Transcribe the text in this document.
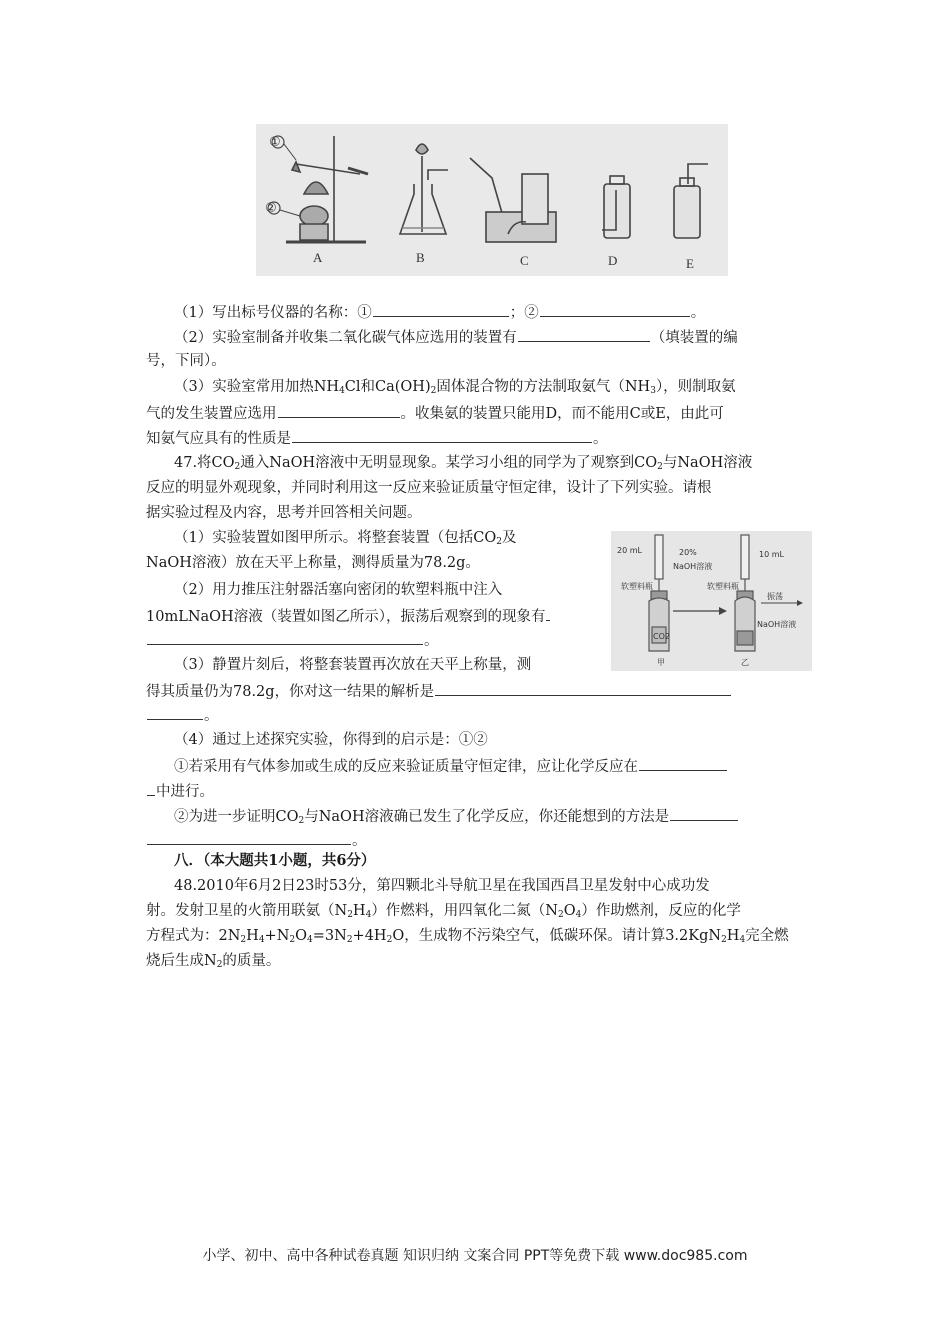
①
②
A	B	C	D	E
（1）写出标号仪器的名称：①	；②	。
（2）实验室制备并收集二氧化碳气体应选用的装置有	（填装置的编
号，下同）。
（3）实验室常用加热$NH_4Cl$和$Ca(OH)_2$固体混合物的方法制取氨气$(NH_3)$，则制取氨
气的发生装置应选用	。收集氨的装置只能用D，而不能用C或E，由此可
知氨气应具有的性质是	。
47.将$CO_2$通入NaOH溶液中无明显现象。某学习小组的同学为了观察到$CO_2$与NaOH溶液
反应的明显外观现象，并同时利用这一反应来验证质量守恒定律，设计了下列实验。请根
据实验过程及内容，思考并回答相关问题。
（1）实验装置如图甲所示。将整套装置（包括$CO_2$及
NaOH溶液）放在天平上称量，测得质量为78.2g。
（2）用力推压注射器活塞向密闭的软塑料瓶中注入
10mLNaOH溶液（装置如图乙所示），振荡后观察到的现象有
。
（3）静置片刻后，将整套装置再次放在天平上称量，测
得其质量仍为78.2g，你对这一结果的解析是
。
（4）通过上述探究实验，你得到的启示是：①②
①若采用有气体参加或生成的反应来验证质量守恒定律，应让化学反应在
中进行。
②为进一步证明$CO_2$与NaOH溶液确已发生了化学反应，你还能想到的方法是
。
20 mL	20%
NaOH溶液
10 mL
软塑料瓶	软塑料瓶
CO2
振荡
NaOH溶液
甲	乙
八．（本大题共1小题，共6分）
48.2010年6月2日23时53分，第四颗北斗导航卫星在我国西昌卫星发射中心成功发
射。发射卫星的火箭用联氨$(N_2H_4)$作燃料，用四氧化二氮$(N_2O_4)$作助燃剂，反应的化学
方程式为：$2N_2H_4+N_2O_4=3N_2+4H_2O$，生成物不污染空气，低碳环保。请计算$3.2KgN_2H_4$完全燃
烧后生成$N_2$的质量。
小学、初中、高中各种试卷真题 知识归纳 文案合同 PPT等免费下载 www.doc985.com
